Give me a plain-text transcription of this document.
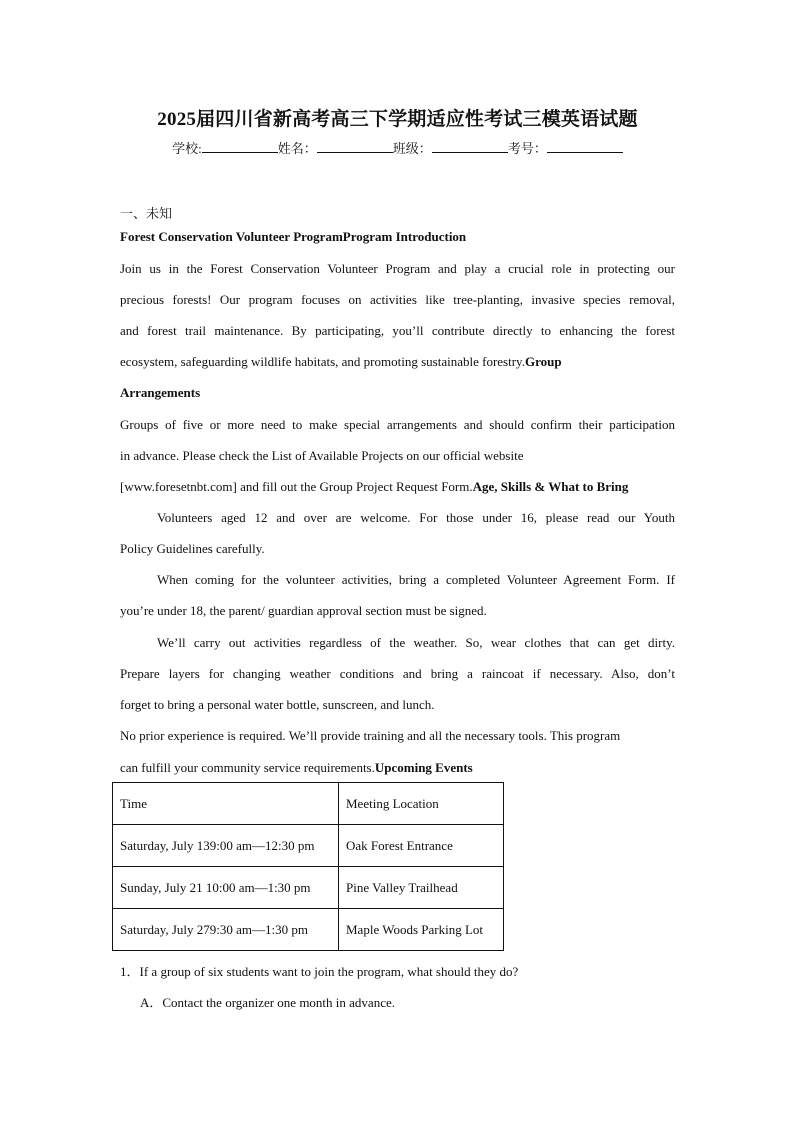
2025届四川省新高考高三下学期适应性考试三模英语试题
学校:	姓名：	班级：	考号：
一、未知
Forest Conservation Volunteer ProgramProgram Introduction
Join us in the Forest Conservation Volunteer Program and play a crucial role in protecting our
precious forests! Our program focuses on activities like tree-planting, invasive species removal,
and forest trail maintenance. By participating, you’ll contribute directly to enhancing the forest
ecosystem, safeguarding wildlife habitats, and promoting sustainable forestry.Group
Arrangements
Groups of five or more need to make special arrangements and should confirm their participation
in advance. Please check the List of Available Projects on our official website
[www.foresetnbt.com] and fill out the Group Project Request Form.Age, Skills & What to Bring
Volunteers aged 12 and over are welcome. For those under 16, please read our Youth
Policy Guidelines carefully.
When coming for the volunteer activities, bring a completed Volunteer Agreement Form. If
you’re under 18, the parent/ guardian approval section must be signed.
We’ll carry out activities regardless of the weather. So, wear clothes that can get dirty.
Prepare layers for changing weather conditions and bring a raincoat if necessary. Also, don’t
forget to bring a personal water bottle, sunscreen, and lunch.
No prior experience is required. We’ll provide training and all the necessary tools. This program
can fulfill your community service requirements.Upcoming Events
Time	Meeting Location
Saturday, July 139:00 am—12:30 pm	Oak Forest Entrance
Sunday, July 21 10:00 am—1:30 pm	Pine Valley Trailhead
Saturday, July 279:30 am—1:30 pm	Maple Woods Parking Lot
1．If a group of six students want to join the program, what should they do?
A．Contact the organizer one month in advance.
